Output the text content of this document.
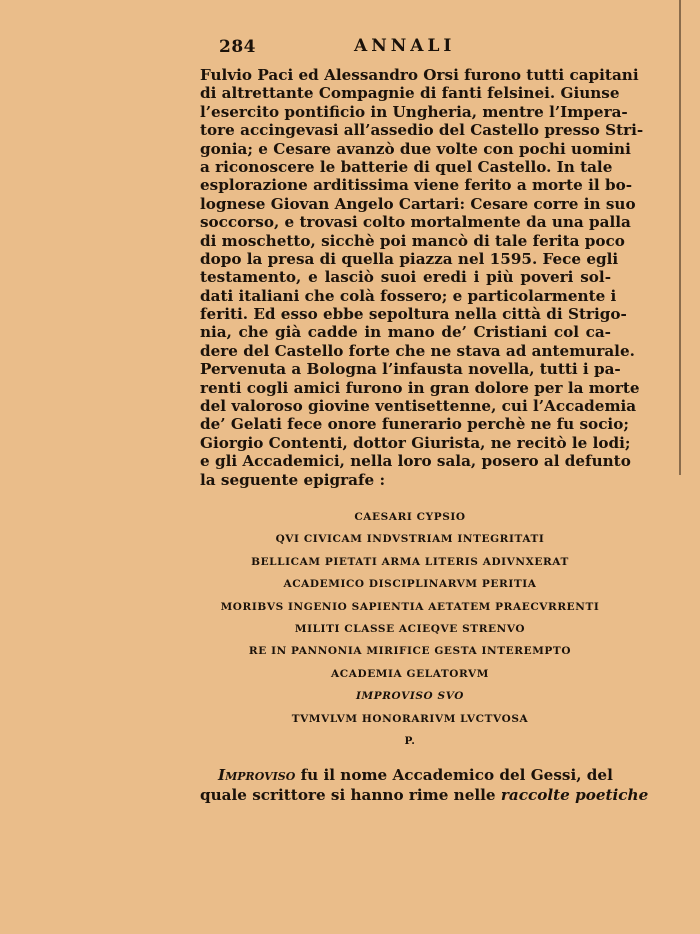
284	ANNALI
Fulvio Paci ed Alessandro Orsi furono tutti capitani
di altrettante Compagnie di fanti felsinei. Giunse
l’esercito pontificio in Ungheria, mentre l’Impera-
tore accingevasi all’assedio del Castello presso Stri-
gonia; e Cesare avanzò due volte con pochi uomini
a riconoscere le batterie di quel Castello. In tale
esplorazione arditissima viene ferito a morte il bo-
lognese Giovan Angelo Cartari: Cesare corre in suo
soccorso, e trovasi colto mortalmente da una palla
di moschetto, sicchè poi mancò di tale ferita poco
dopo la presa di quella piazza nel 1595. Fece egli
testamento, e lasciò suoi eredi i più poveri sol-
dati italiani che colà fossero; e particolarmente i
feriti. Ed esso ebbe sepoltura nella città di Strigo-
nia, che già cadde in mano de’ Cristiani col ca-
dere del Castello forte che ne stava ad antemurale.
Pervenuta a Bologna l’infausta novella, tutti i pa-
renti cogli amici furono in gran dolore per la morte
del valoroso giovine ventisettenne, cui l’Accademia
de’ Gelati fece onore funerario perchè ne fu socio;
Giorgio Contenti, dottor Giurista, ne recitò le lodi;
e gli Accademici, nella loro sala, posero al defunto
la seguente epigrafe :
CAESARI CYPSIO
QVI CIVICAM INDVSTRIAM INTEGRITATI
BELLICAM PIETATI ARMA LITERIS ADIVNXERAT
ACADEMICO DISCIPLINARVM PERITIA
MORIBVS INGENIO SAPIENTIA AETATEM PRAECVRRENTI
MILITI CLASSE ACIEQVE STRENVO
RE IN PANNONIA MIRIFICE GESTA INTEREMPTO
ACADEMIA GELATORVM
IMPROVISO SVO
TVMVLVM HONORARIVM LVCTVOSA
P.
Improviso fu il nome Accademico del Gessi, del
quale scrittore si hanno rime nelle raccolte poetiche
